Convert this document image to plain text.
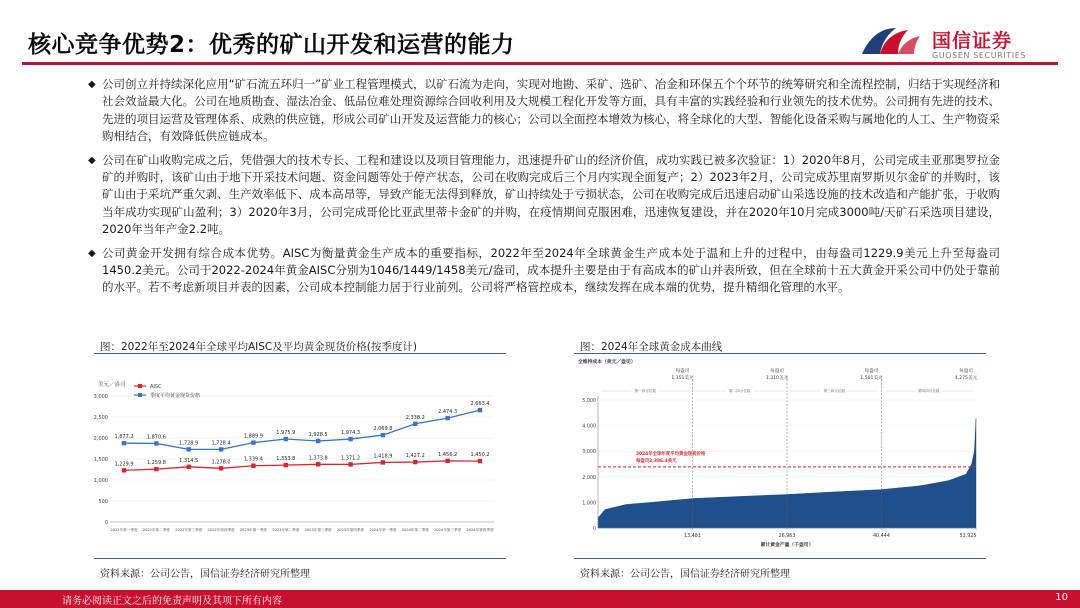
核心竞争优势2：优秀的矿山开发和运营的能力	国信证券
GUOSEN SECURITIES
◆ 公司创立并持续深化应用“矿石流五环归一”矿业工程管理模式，以矿石流为走向，实现对地勘、采矿、选矿、冶金和环保五个个环节的统筹研究和全流程控制，归结于实现经济和社会效益最大化。公司在地质勘查、湿法冶金、低品位难处理资源综合回收利用及大规模工程化开发等方面，具有丰富的实践经验和行业领先的技术优势。公司拥有先进的技术、先进的项目运营及管理体系、成熟的供应链，形成公司矿山开发及运营能力的核心；公司以全面控本增效为核心，将全球化的大型、智能化设备采购与属地化的人工、生产物资采购相结合，有效降低供应链成本。
◆ 公司在矿山收购完成之后，凭借强大的技术专长、工程和建设以及项目管理能力，迅速提升矿山的经济价值，成功实践已被多次验证：1）2020年8月，公司完成圭亚那奥罗拉金矿的并购时，该矿山由于地下开采技术问题、资金问题等处于停产状态，公司在收购完成后三个月内实现全面复产；2）2023年2月，公司完成苏里南罗斯贝尔金矿的并购时，该矿山由于采坑严重欠剥、生产效率低下、成本高昂等，导致产能无法得到释放，矿山持续处于亏损状态，公司在收购完成后迅速启动矿山采选设施的技术改造和产能扩张，于收购当年成功实现矿山盈利；3）2020年3月，公司完成哥伦比亚武里蒂卡金矿的并购，在疫情期间克服困难，迅速恢复建设，并在2020年10月完成3000吨/天矿石采选项目建设，2020年当年产金2.2吨。
◆ 公司黄金开发拥有综合成本优势。AISC为衡量黄金生产成本的重要指标，2022年至2024年全球黄金生产成本处于温和上升的过程中，由每盎司1229.9美元上升至每盎司1450.2美元。公司于2022-2024年黄金AISC分别为1046/1449/1458美元/盎司，成本提升主要是由于有高成本的矿山并表所致，但在全球前十五大黄金开采公司中仍处于靠前的水平。若不考虑新项目并表的因素，公司成本控制能力居于行业前列。公司将严格管控成本，继续发挥在成本端的优势，提升精细化管理的水平。
图：2022年至2024年全球平均AISC及平均黄金现货价格(按季度计)
美元／盎司
0
500
1,000
1,500
2,000
2,500
3,000
2022年第一季度 2022年第二季度 2022年第三季度 2022年第四季度 2023年第一季度 2023年第二季度 2023年第三季度 2023年第四季度 2024年第一季度 2024年第二季度 2024年第三季度 2024年第四季度
AISC
季度平均黄金现货价格
1,229.9	1,259.8	1,314.5	1,278.0	1,339.4	1,353.8	1,373.8	1,371.2	1,418.9	1,427.2	1,456.2	1,450.2
1,877.2	1,870.6
1,728.9	1,728.4
1,889.9
1,975.9	1,928.5	1,974.3
2,069.8
2,338.2
2,474.3
2,663.4
资料来源：公司公告，国信证券经济研究所整理
图：2024年全球黄金成本曲线
全维持成本（美元／盎司）
0
1,000
2,000
3,000
4,000
5,000
第一四分位数
每盎司
1,151美元
第二四分位数
每盎司
1,310美元
第三四分位数
每盎司
1,501美元
第四四分位数
每盎司
4,275美元
2024年全球年度平均黄金现货价格
每盎司2,386.4美元
13,481	26,963	40,444	53,925
累计黄金产量（千盎司）
资料来源：公司公告，国信证券经济研究所整理
请务必阅读正文之后的免责声明及其项下所有内容	10
